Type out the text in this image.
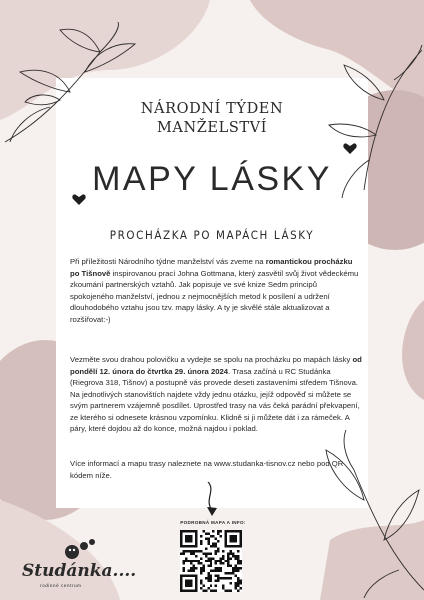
NÁRODNÍ TÝDEN
MANŽELSTVÍ
MAPY LÁSKY
PROCHÁZKA PO MAPÁCH LÁSKY
Při příležitosti Národního týdne manželství vás zveme na romantickou procházku po Tišnově inspirovanou prací Johna Gottmana, který zasvětil svůj život vědeckému zkoumání partnerských vztahů. Jak popisuje ve své knize Sedm principů spokojeného manželství, jednou z nejmocnějších metod k posílení a udržení dlouhodobého vztahu jsou tzv. mapy lásky. A ty je skvělé stále aktualizovat a rozšiřovat:-)
Vezměte svou drahou polovičku a vydejte se spolu na procházku po mapách lásky od pondělí 12. února do čtvrtka 29. února 2024. Trasa začíná u RC Studánka (Riegrova 318, Tišnov) a postupně vás provede deseti zastaveními středem Tišnova. Na jednotlivých stanovištích najdete vždy jednu otázku, jejíž odpověď si můžete se svým partnerem vzájemně posdílet. Uprostřed trasy na vás čeká parádní překvapení, ze kterého si odnesete krásnou vzpomínku. Klidně si ji můžete dát i za rámeček. A páry, které dojdou až do konce, možná najdou i poklad.
Více informací a mapu trasy naleznete na www.studanka-tisnov.cz nebo pod QR kódem níže.
PODROBNÁ MAPA A INFO:
Studánka....
rodinné centrum
